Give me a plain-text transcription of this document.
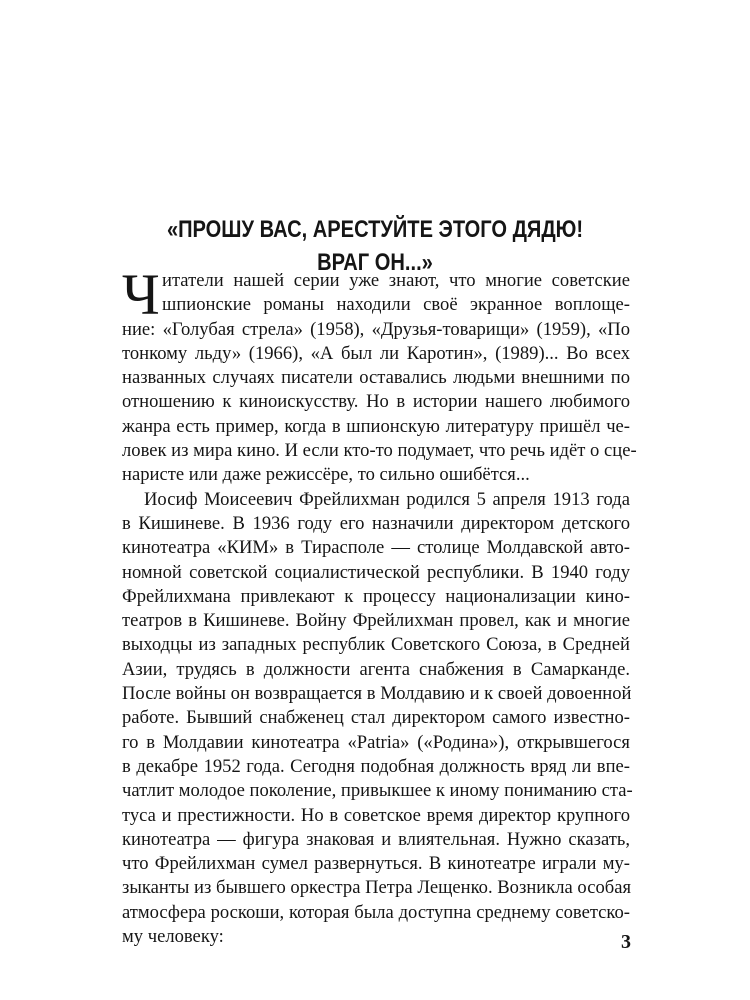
«ПРОШУ ВАС, АРЕСТУЙТЕ ЭТОГО ДЯДЮ!
ВРАГ ОН...»
Ч итатели нашей серии уже знают, что многие советские
шпионские романы находили своё экранное воплоще-
ние: «Голубая стрела» (1958), «Друзья-товарищи» (1959), «По
тонкому льду» (1966), «А был ли Каротин», (1989)... Во всех
названных случаях писатели оставались людьми внешними по
отношению к киноискусству. Но в истории нашего любимого
жанра есть пример, когда в шпионскую литературу пришёл че-
ловек из мира кино. И если кто-то подумает, что речь идёт о сце-
наристе или даже режиссёре, то сильно ошибётся...
Иосиф Моисеевич Фрейлихман родился 5 апреля 1913 года
в Кишиневе. В 1936 году его назначили директором детского
кинотеатра «КИМ» в Тирасполе — столице Молдавской авто-
номной советской социалистической республики. В 1940 году
Фрейлихмана привлекают к процессу национализации кино-
театров в Кишиневе. Войну Фрейлихман провел, как и многие
выходцы из западных республик Советского Союза, в Средней
Азии, трудясь в должности агента снабжения в Самарканде.
После войны он возвращается в Молдавию и к своей довоенной
работе. Бывший снабженец стал директором самого известно-
го в Молдавии кинотеатра «Patria» («Родина»), открывшегося
в декабре 1952 года. Сегодня подобная должность вряд ли впе-
чатлит молодое поколение, привыкшее к иному пониманию ста-
туса и престижности. Но в советское время директор крупного
кинотеатра — фигура знаковая и влиятельная. Нужно сказать,
что Фрейлихман сумел развернуться. В кинотеатре играли му-
зыканты из бывшего оркестра Петра Лещенко. Возникла особая
атмосфера роскоши, которая была доступна среднему советско-
му человеку:	3
